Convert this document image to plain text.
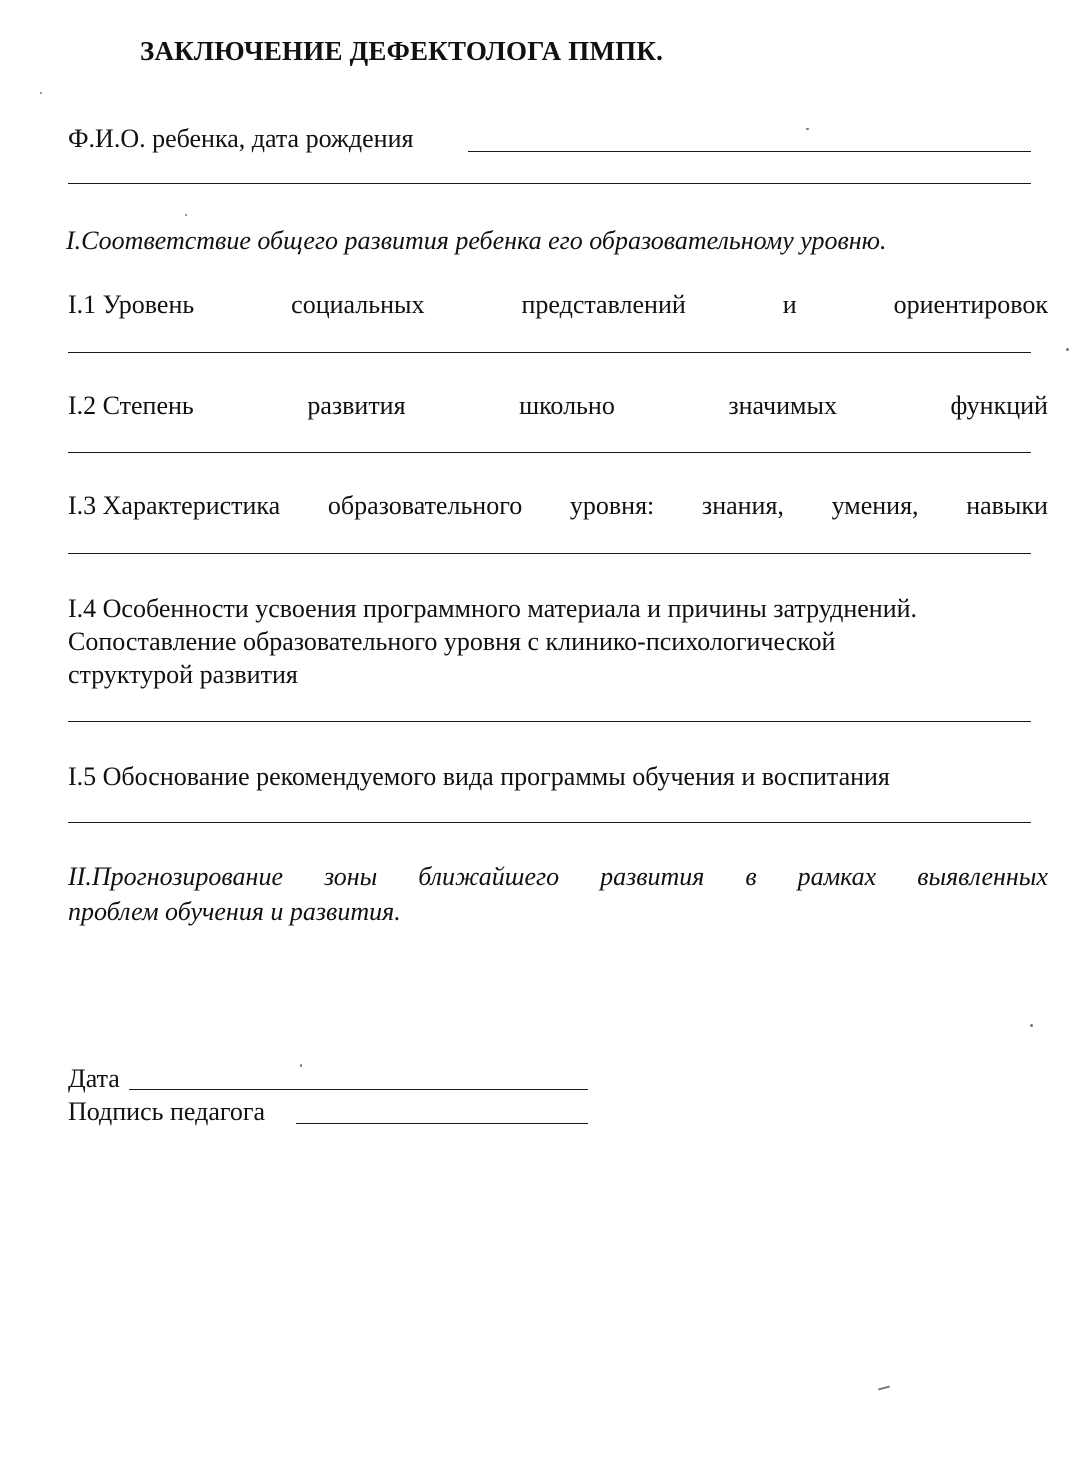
ЗАКЛЮЧЕНИЕ ДЕФЕКТОЛОГА ПМПК.
Ф.И.О. ребенка, дата рождения
I.Соответствие общего развития ребенка его образовательному уровню.
I.1 Уровень	социальных	представлений	и	ориентировок
I.2 Степень	развития	школьно	значимых	функций
I.3 Характеристика образовательного уровня: знания, умения, навыки
I.4 Особенности усвоения программного материала и причины затруднений.
Сопоставление образовательного уровня с клинико-психологической
структурой развития
I.5 Обоснование рекомендуемого вида программы обучения и воспитания
II.Прогнозирование зоны ближайшего развития в рамках выявленных
проблем обучения и развития.
Дата
Подпись педагога
